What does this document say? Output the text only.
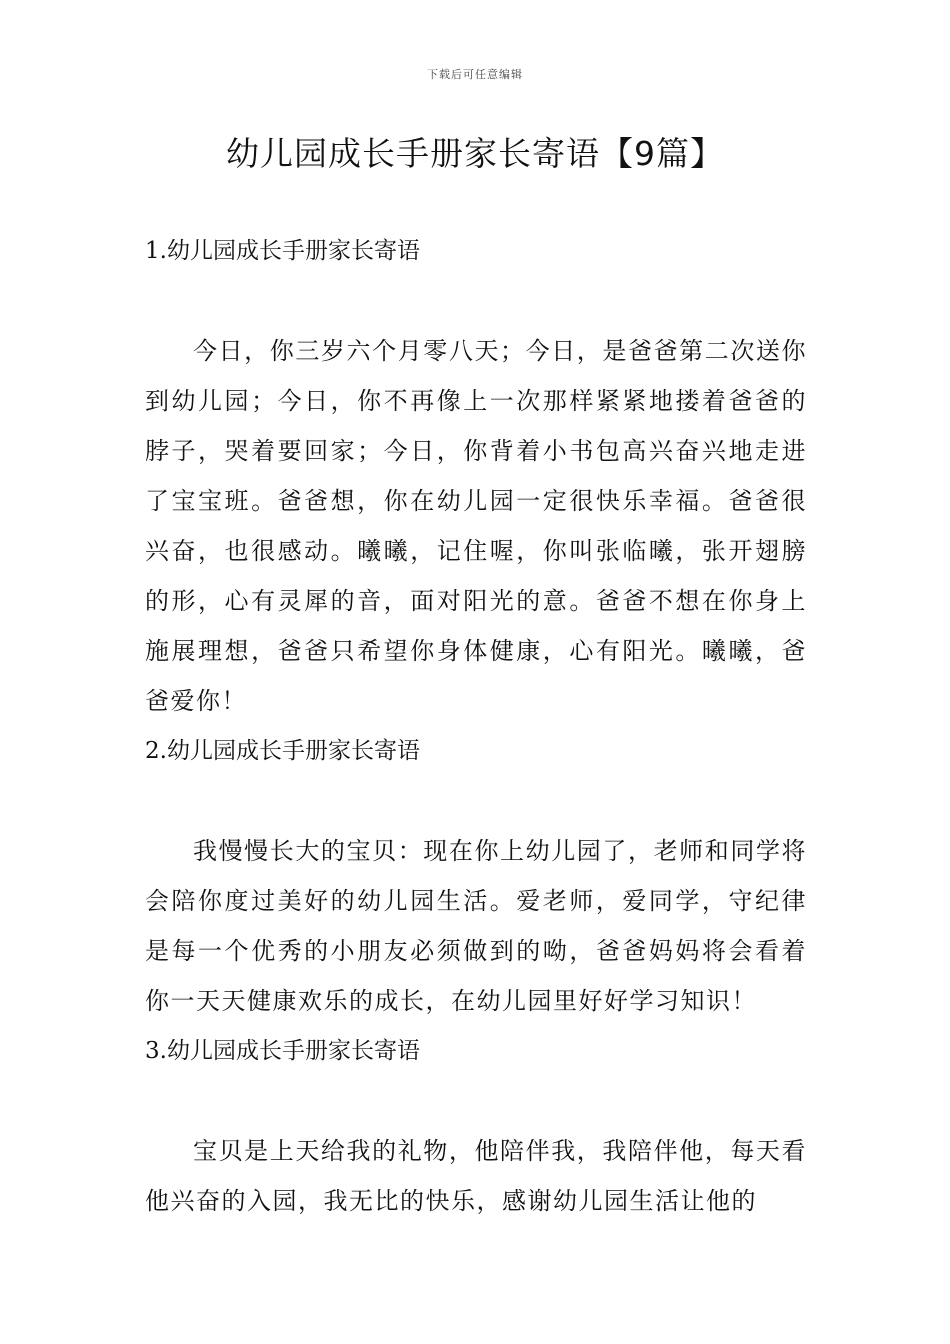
下载后可任意编辑
幼儿园成长手册家长寄语【9篇】
1.幼儿园成长手册家长寄语

今日，你三岁六个月零八天；今日，是爸爸第二次送你到幼儿园；今日，你不再像上一次那样紧紧地搂着爸爸的脖子，哭着要回家；今日，你背着小书包高兴奋兴地走进了宝宝班。爸爸想，你在幼儿园一定很快乐幸福。爸爸很兴奋，也很感动。曦曦，记住喔，你叫张临曦，张开翅膀的形，心有灵犀的音，面对阳光的意。爸爸不想在你身上施展理想，爸爸只希望你身体健康，心有阳光。曦曦，爸爸爱你！

2.幼儿园成长手册家长寄语

我慢慢长大的宝贝：现在你上幼儿园了，老师和同学将会陪你度过美好的幼儿园生活。爱老师，爱同学，守纪律是每一个优秀的小朋友必须做到的呦，爸爸妈妈将会看着你一天天健康欢乐的成长，在幼儿园里好好学习知识！

3.幼儿园成长手册家长寄语

宝贝是上天给我的礼物，他陪伴我，我陪伴他，每天看他兴奋的入园，我无比的快乐，感谢幼儿园生活让他的
